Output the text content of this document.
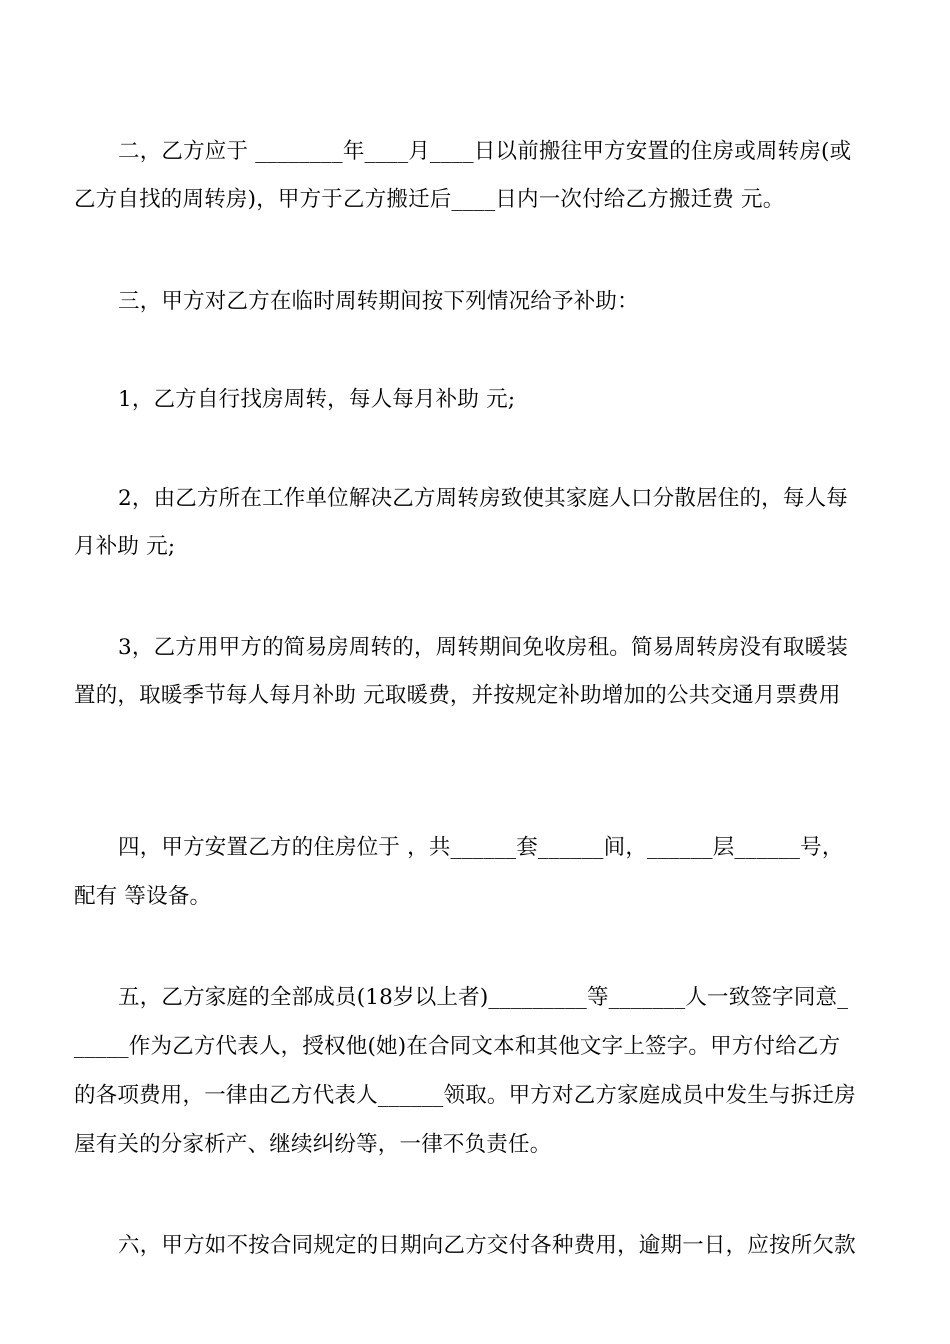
二，乙方应于 ________年____月____日以前搬往甲方安置的住房或周转房(或
乙方自找的周转房)，甲方于乙方搬迁后____日内一次付给乙方搬迁费 元。
三，甲方对乙方在临时周转期间按下列情况给予补助：
1，乙方自行找房周转，每人每月补助 元;
2，由乙方所在工作单位解决乙方周转房致使其家庭人口分散居住的，每人每
月补助 元;
3，乙方用甲方的简易房周转的，周转期间免收房租。简易周转房没有取暖装
置的，取暖季节每人每月补助 元取暖费，并按规定补助增加的公共交通月票费用
四，甲方安置乙方的住房位于 ，共______套______间，______层______号，
配有 等设备。
五，乙方家庭的全部成员(18岁以上者)_________等_______人一致签字同意_
_____作为乙方代表人，授权他(她)在合同文本和其他文字上签字。甲方付给乙方
的各项费用，一律由乙方代表人______领取。甲方对乙方家庭成员中发生与拆迁房
屋有关的分家析产、继续纠纷等，一律不负责任。
六，甲方如不按合同规定的日期向乙方交付各种费用，逾期一日，应按所欠款
